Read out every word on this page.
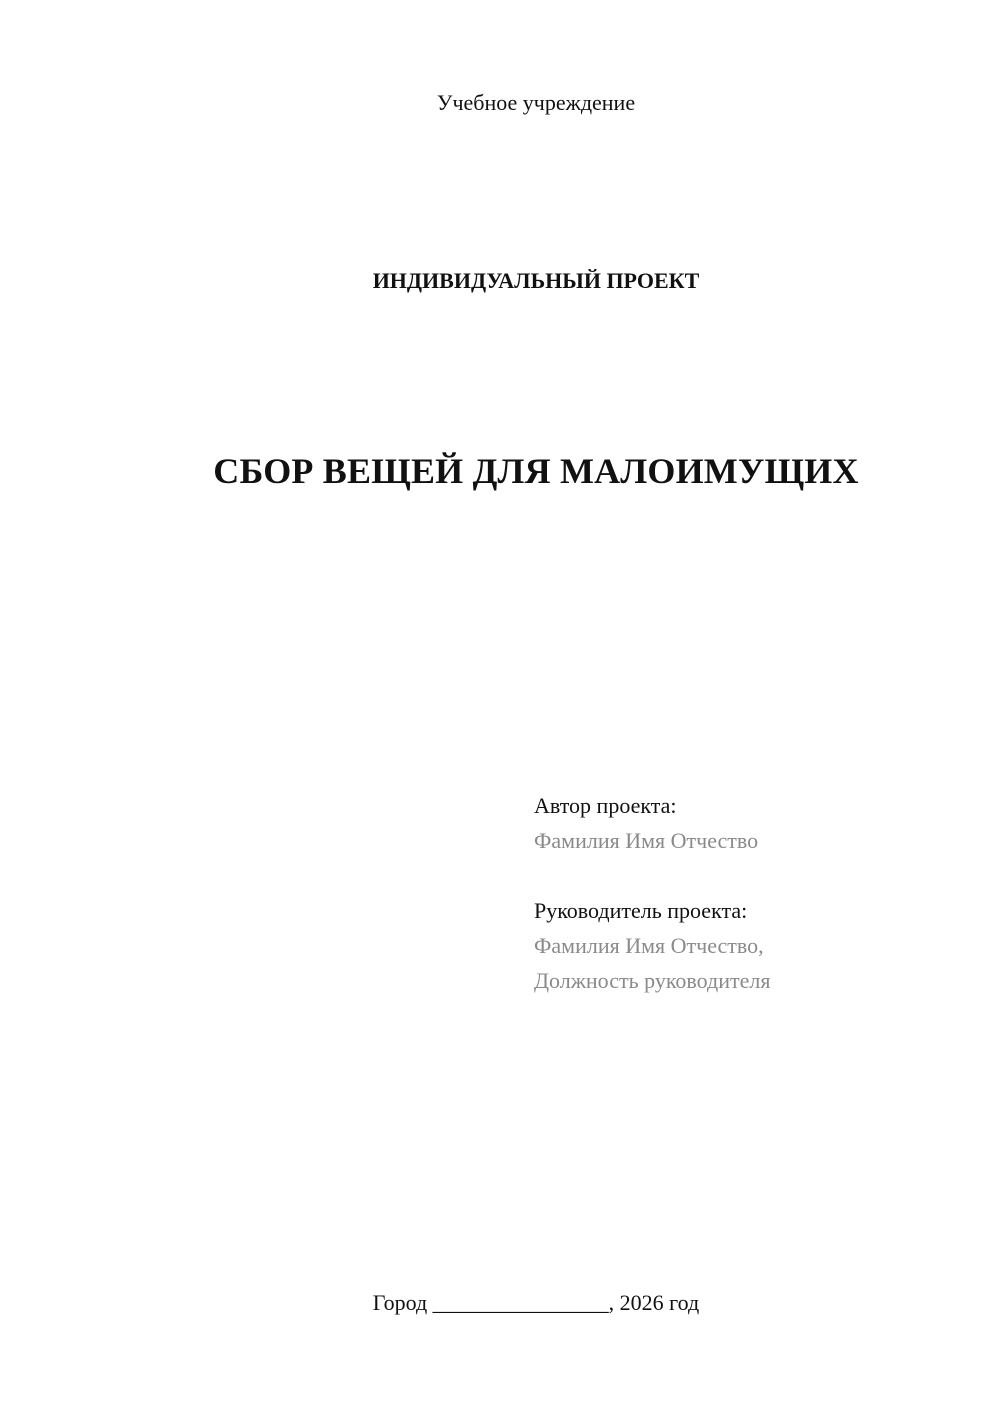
Учебное учреждение
ИНДИВИДУАЛЬНЫЙ ПРОЕКТ
СБОР ВЕЩЕЙ ДЛЯ МАЛОИМУЩИХ
Автор проекта:
Фамилия Имя Отчество
Руководитель проекта:
Фамилия Имя Отчество,
Должность руководителя
Город ________________, 2026 год
